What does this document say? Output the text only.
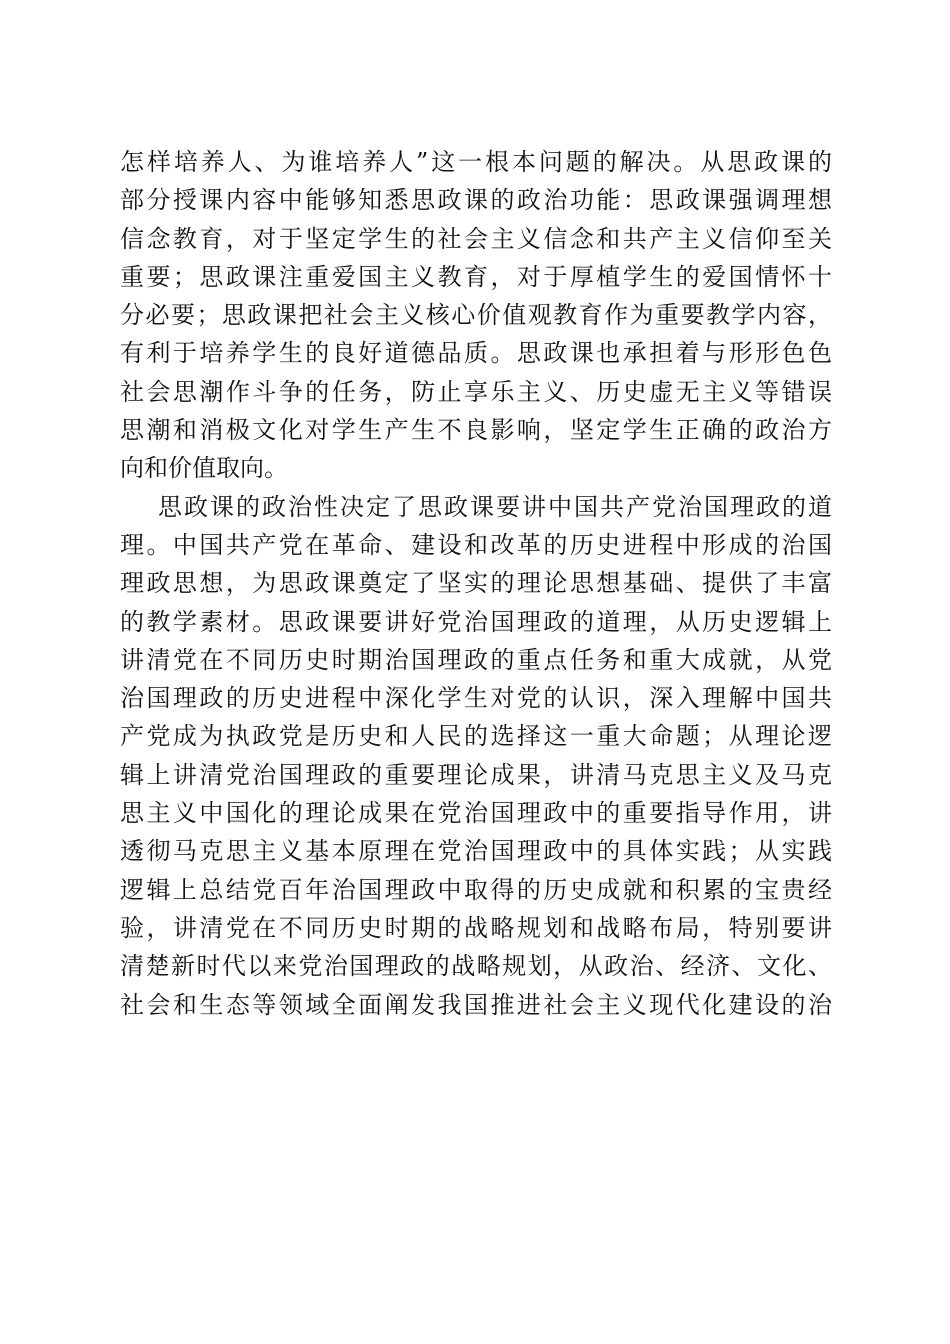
怎样培养人、为谁培养人”这一根本问题的解决。从思政课的
部分授课内容中能够知悉思政课的政治功能：思政课强调理想
信念教育，对于坚定学生的社会主义信念和共产主义信仰至关
重要；思政课注重爱国主义教育，对于厚植学生的爱国情怀十
分必要；思政课把社会主义核心价值观教育作为重要教学内容，
有利于培养学生的良好道德品质。思政课也承担着与形形色色
社会思潮作斗争的任务，防止享乐主义、历史虚无主义等错误
思潮和消极文化对学生产生不良影响，坚定学生正确的政治方
向和价值取向。
思政课的政治性决定了思政课要讲中国共产党治国理政的道
理。中国共产党在革命、建设和改革的历史进程中形成的治国
理政思想，为思政课奠定了坚实的理论思想基础、提供了丰富
的教学素材。思政课要讲好党治国理政的道理，从历史逻辑上
讲清党在不同历史时期治国理政的重点任务和重大成就，从党
治国理政的历史进程中深化学生对党的认识，深入理解中国共
产党成为执政党是历史和人民的选择这一重大命题；从理论逻
辑上讲清党治国理政的重要理论成果，讲清马克思主义及马克
思主义中国化的理论成果在党治国理政中的重要指导作用，讲
透彻马克思主义基本原理在党治国理政中的具体实践；从实践
逻辑上总结党百年治国理政中取得的历史成就和积累的宝贵经
验，讲清党在不同历史时期的战略规划和战略布局，特别要讲
清楚新时代以来党治国理政的战略规划，从政治、经济、文化、
社会和生态等领域全面阐发我国推进社会主义现代化建设的治
